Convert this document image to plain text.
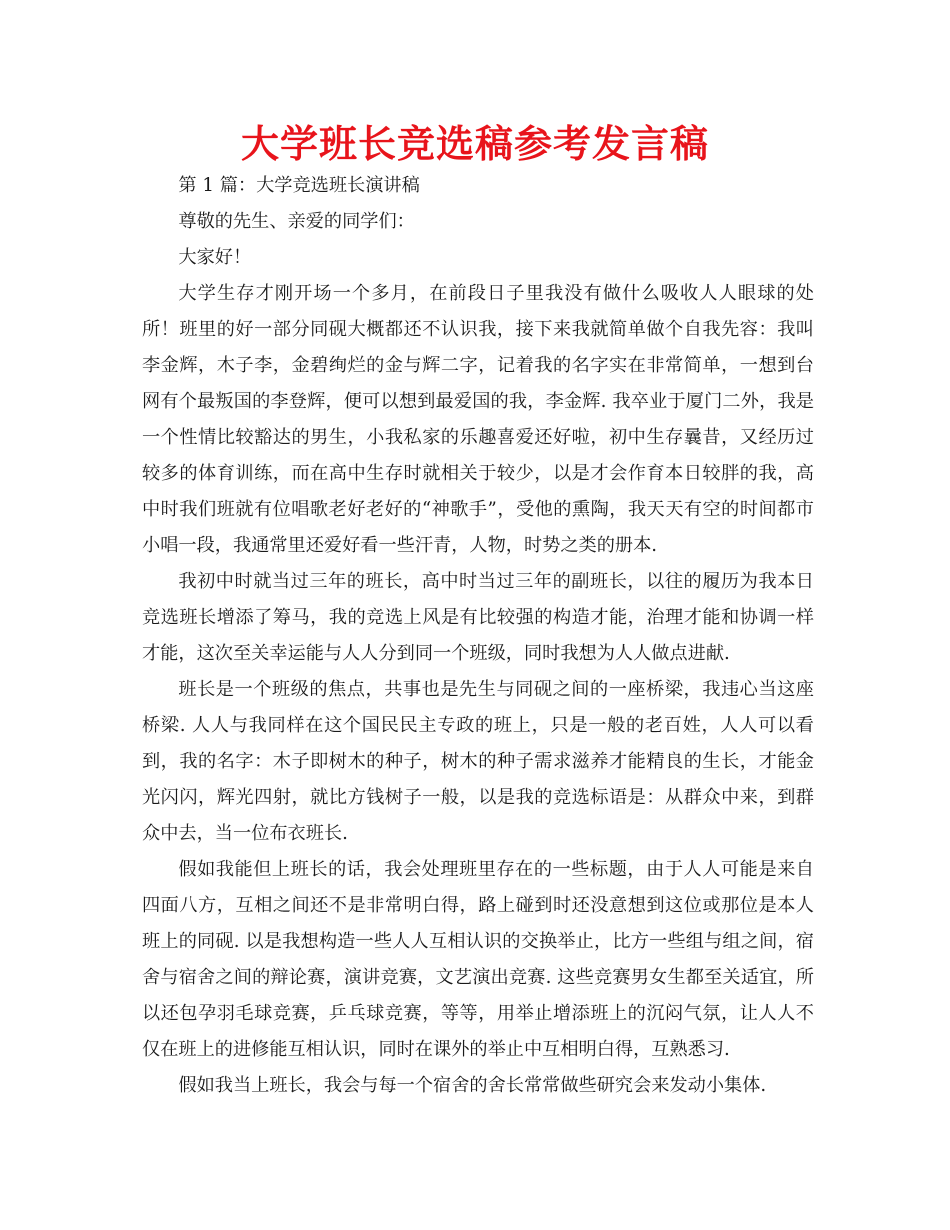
大学班长竞选稿参考发言稿

第 1 篇：大学竞选班长演讲稿

尊敬的先生、亲爱的同学们：

大家好！

大学生存才刚开场一个多月，在前段日子里我没有做什么吸收人人眼球的处所！班里的好一部分同砚大概都还不认识我，接下来我就简单做个自我先容：我叫李金辉，木子李，金碧绚烂的金与辉二字，记着我的名字实在非常简单，一想到台网有个最叛国的李登辉，便可以想到最爱国的我，李金辉. 我卒业于厦门二外，我是一个性情比较豁达的男生，小我私家的乐趣喜爱还好啦，初中生存曩昔，又经历过较多的体育训练，而在高中生存时就相关于较少，以是才会作育本日较胖的我，高中时我们班就有位唱歌老好老好的“神歌手”，受他的熏陶，我天天有空的时间都市小唱一段，我通常里还爱好看一些汗青，人物，时势之类的册本.

我初中时就当过三年的班长，高中时当过三年的副班长，以往的履历为我本日竞选班长增添了筹马，我的竞选上风是有比较强的构造才能，治理才能和协调一样才能，这次至关幸运能与人人分到同一个班级，同时我想为人人做点进献.

班长是一个班级的焦点，共事也是先生与同砚之间的一座桥梁，我违心当这座桥梁. 人人与我同样在这个国民民主专政的班上，只是一般的老百姓，人人可以看到，我的名字：木子即树木的种子，树木的种子需求滋养才能精良的生长，才能金光闪闪，辉光四射，就比方钱树子一般，以是我的竞选标语是：从群众中来，到群众中去，当一位布衣班长.

假如我能但上班长的话，我会处理班里存在的一些标题，由于人人可能是来自四面八方，互相之间还不是非常明白得，路上碰到时还没意想到这位或那位是本人班上的同砚. 以是我想构造一些人人互相认识的交换举止，比方一些组与组之间，宿舍与宿舍之间的辩论赛，演讲竞赛，文艺演出竞赛. 这些竞赛男女生都至关适宜，所以还包孕羽毛球竞赛，乒乓球竞赛，等等，用举止增添班上的沉闷气氛，让人人不仅在班上的进修能互相认识，同时在课外的举止中互相明白得，互熟悉习.

假如我当上班长，我会与每一个宿舍的舍长常常做些研究会来发动小集体.
